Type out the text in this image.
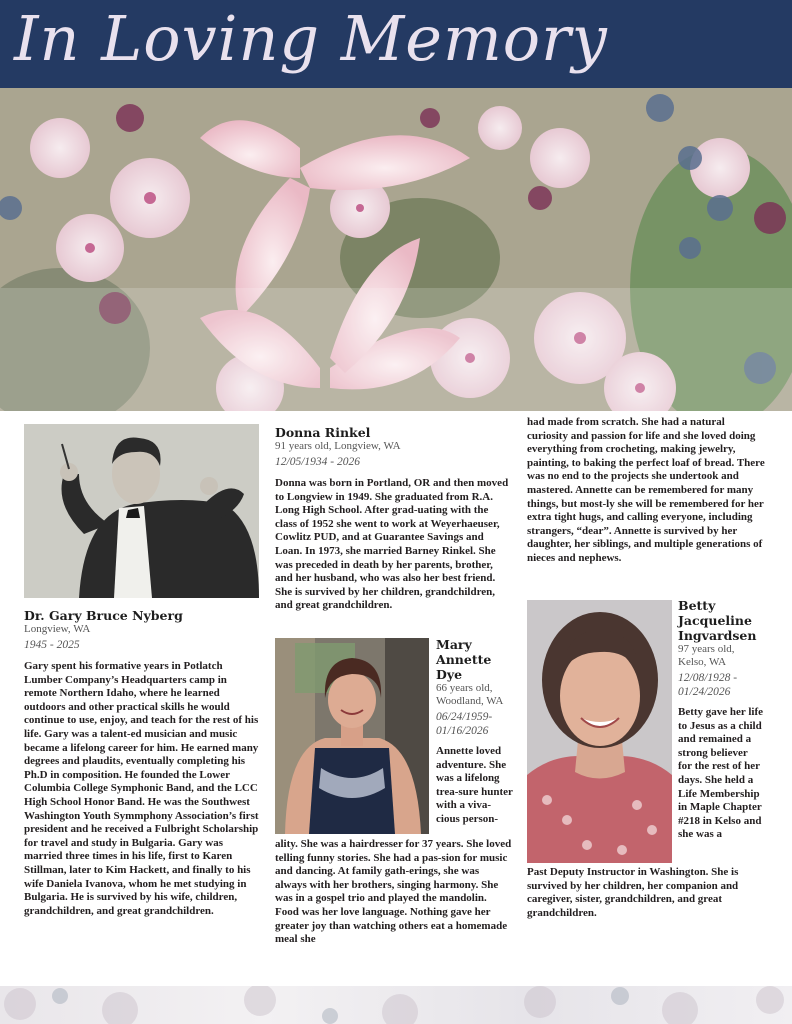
In Loving Memory
Dr. Gary Bruce Nyberg
Longview, WA
1945 - 2025
Gary spent his formative years in Potlatch Lumber Company’s Headquarters camp in remote Northern Idaho, where he learned outdoors and other practical skills he would continue to use, enjoy, and teach for the rest of his life. Gary was a talent-ed musician and music became a lifelong career for him. He earned many degrees and plaudits, eventually completing his Ph.D in composition. He founded the Lower Columbia College Symphonic Band, and the LCC High School Honor Band. He was the Southwest Washington Youth Symmphony Association’s first president and he received a Fulbright Scholarship for travel and study in Bulgaria. Gary was married three times in his life, first to Karen Stillman, later to Kim Hackett, and finally to his wife Daniela Ivanova, whom he met studying in Bulgaria. He is survived by his wife, children, grandchildren, and great grandchildren.
Donna Rinkel
91 years old, Longview, WA
12/05/1934 - 2026
Donna was born in Portland, OR and then moved to Longview in 1949. She graduated from R.A. Long High School. After grad-uating with the class of 1952 she went to work at Weyerhaeuser, Cowlitz PUD, and at Guarantee Savings and Loan. In 1973, she married Barney Rinkel. She was preceded in death by her parents, brother, and her husband, who was also her best friend. She is survived by her children, grandchildren, and great grandchildren.
Mary
Annette
Dye
66 years old, Woodland, WA
06/24/1959-01/16/2026
Annette loved adventure. She was a lifelong trea-sure hunter with a viva-cious person-
ality. She was a hairdresser for 37 years. She loved telling funny stories. She had a pas-sion for music and dancing. At family gath-erings, she was always with her brothers, singing harmony. She was in a gospel trio and played the mandolin. Food was her love language. Nothing gave her greater joy than watching others eat a homemade meal she
had made from scratch. She had a natural curiosity and passion for life and she loved doing everything from crocheting, making jewelry, painting, to baking the perfect loaf of bread. There was no end to the projects she undertook and mastered. Annette can be remembered for many things, but most-ly she will be remembered for her extra tight hugs, and calling everyone, including strangers, “dear”. Annette is survived by her daughter, her siblings, and multiple generations of nieces and nephews.
Betty
Jacqueline
Ingvardsen
97 years old, Kelso, WA
12/08/1928 - 01/24/2026
Betty gave her life to Jesus as a child and remained a strong believer for the rest of her days. She held a Life Membership in Maple Chapter #218 in Kelso and she was a
Past Deputy Instructor in Washington. She is survived by her children, her companion and caregiver, sister, grandchildren, and great grandchildren.
